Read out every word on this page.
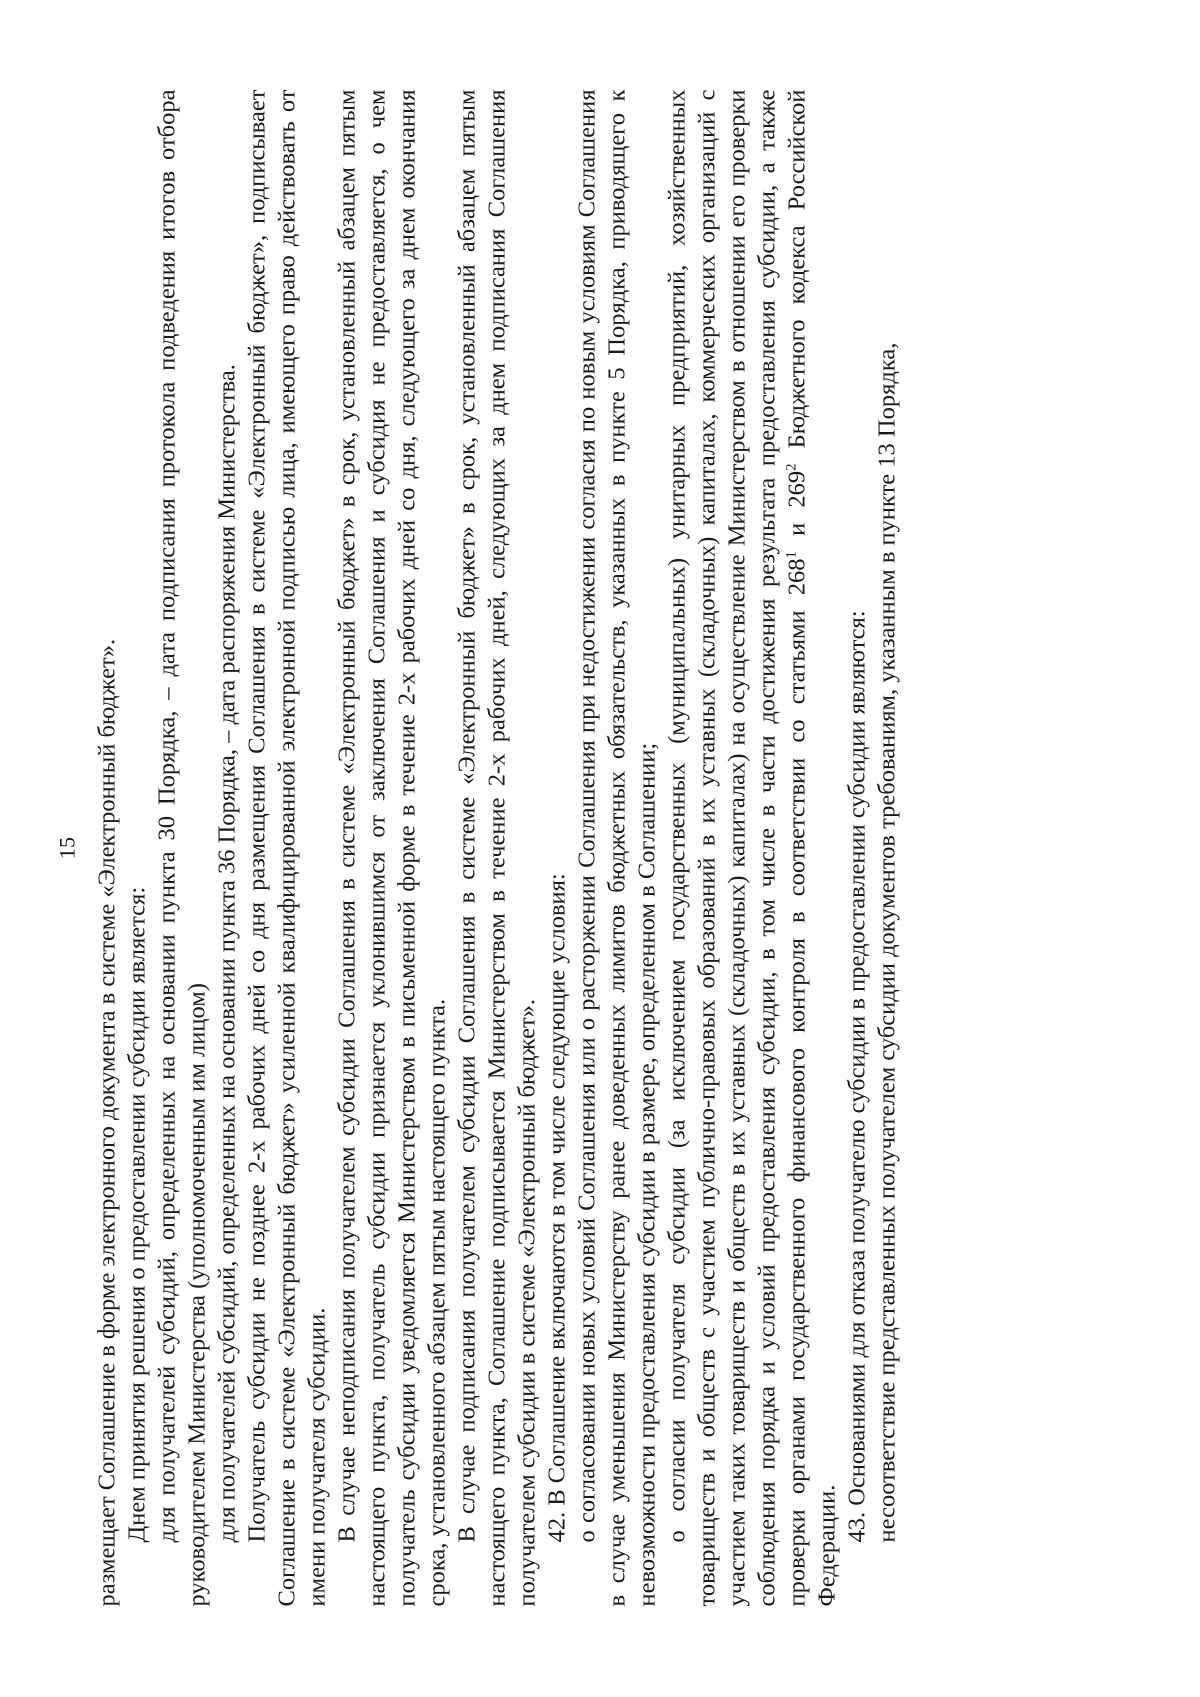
15 размещает Соглашение в форме электронного документа в системе «Электронный бюджет». Днем принятия решения о предоставлении субсидии является: для получателей субсидий, определенных на основании пункта 30 Порядка, – дата подписания протокола подведения итогов отбора руководителем Министерства (уполномоченным им лицом) для получателей субсидий, определенных на основании пункта 36 Порядка, – дата распоряжения Министерства. Получатель субсидии не позднее 2-х рабочих дней со дня размещения Соглашения в системе «Электронный бюджет», подписывает Соглашение в системе «Электронный бюджет» усиленной квалифицированной электронной подписью лица, имеющего право действовать от имени получателя субсидии. В случае неподписания получателем субсидии Соглашения в системе «Электронный бюджет» в срок, установленный абзацем пятым настоящего пункта, получатель субсидии признается уклонившимся от заключения Соглашения и субсидия не предоставляется, о чем получатель субсидии уведомляется Министерством в письменной форме в течение 2-х рабочих дней со дня, следующего за днем окончания срока, установленного абзацем пятым настоящего пункта. В случае подписания получателем субсидии Соглашения в системе «Электронный бюджет» в срок, установленный абзацем пятым настоящего пункта, Соглашение подписывается Министерством в течение 2-х рабочих дней, следующих за днем подписания Соглашения получателем субсидии в системе «Электронный бюджет». 42. В Соглашение включаются в том числе следующие условия: о согласовании новых условий Соглашения или о расторжении Соглашения при недостижении согласия по новым условиям Соглашения в случае уменьшения Министерству ранее доведенных лимитов бюджетных обязательств, указанных в пункте 5 Порядка, приводящего к невозможности предоставления субсидии в размере, определенном в Соглашении; о согласии получателя субсидии (за исключением государственных (муниципальных) унитарных предприятий, хозяйственных товариществ и обществ с участием публично-правовых образований в их уставных (складочных) капиталах, коммерческих организаций с участием таких товариществ и обществ в их уставных (складочных) капиталах) на осуществление Министерством в отношении его проверки соблюдения порядка и условий предоставления субсидии, в том числе в части достижения результата предоставления субсидии, а также проверки органами государственного финансового контроля в соответствии со статьями $268^1$ и $269^2$ Бюджетного кодекса Российской Федерации.

43. Основаниями для отказа получателю субсидии в предоставлении субсидии являются: несоответствие представленных получателем субсидии документов требованиям, указанным в пункте 13 Порядка,
